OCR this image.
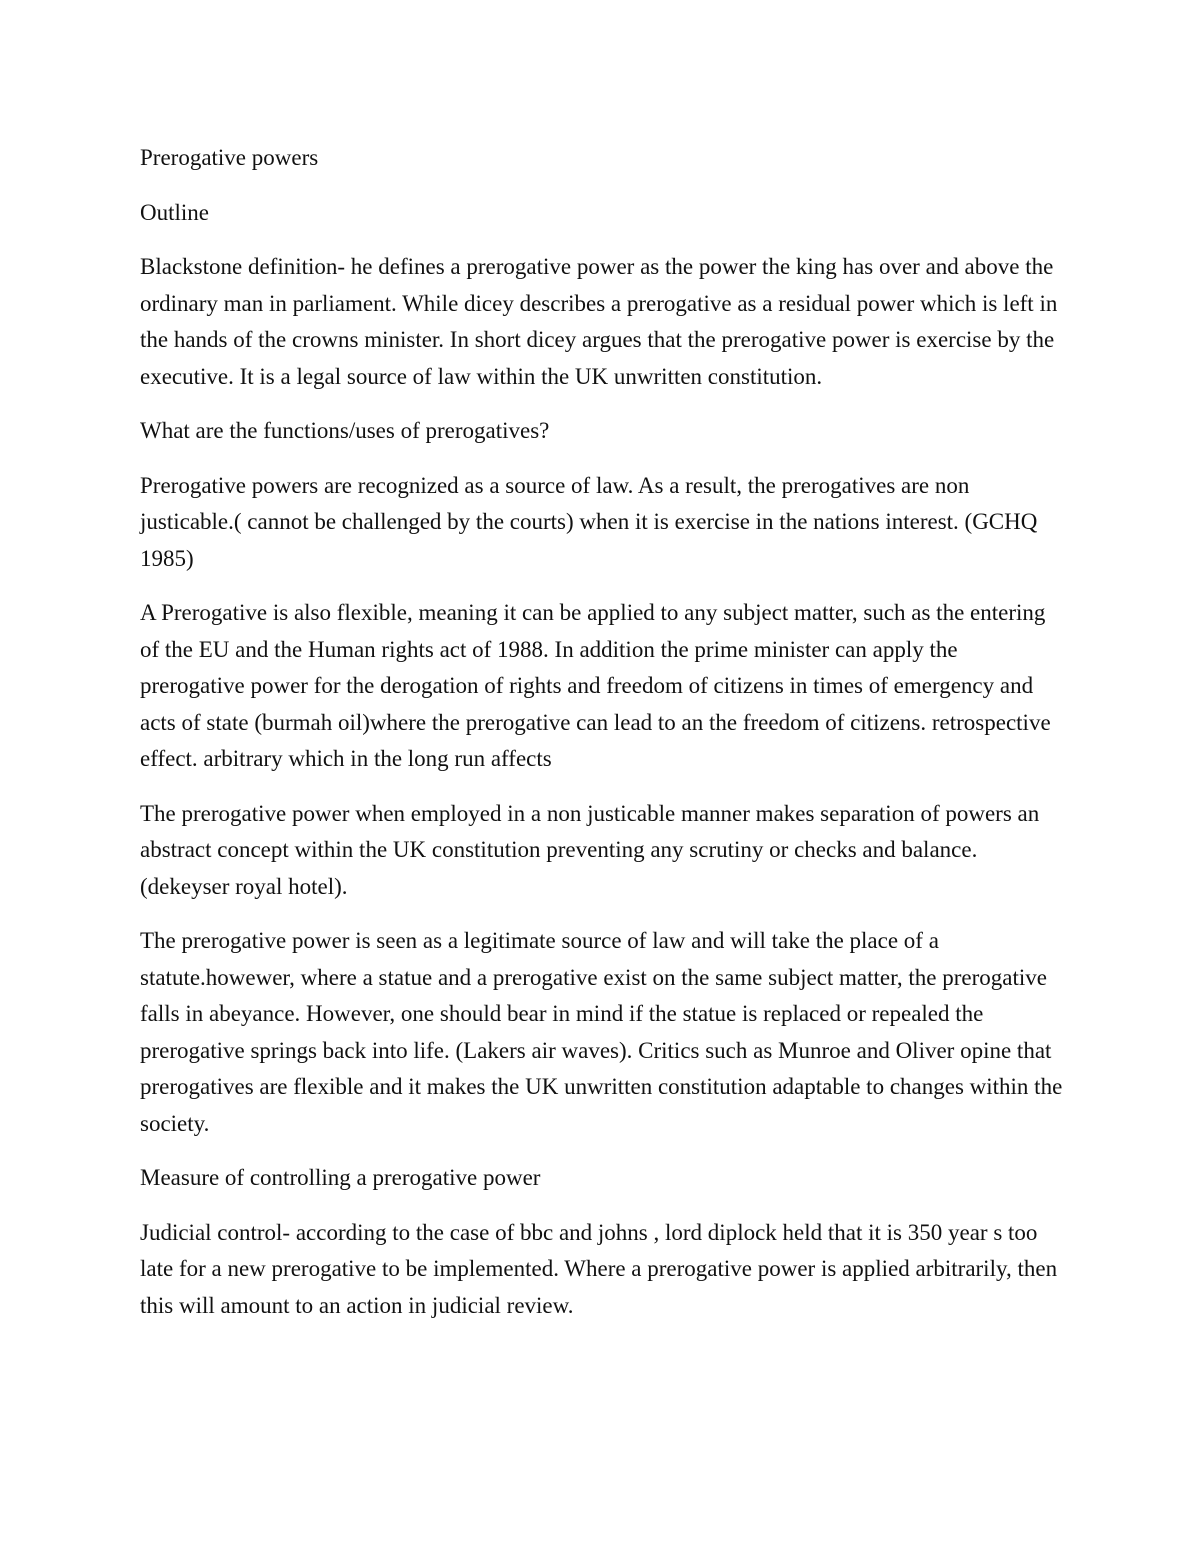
Prerogative powers

Outline

Blackstone definition- he defines a prerogative power as the power the king has over and above the ordinary man in parliament. While dicey describes a prerogative as a residual power which is left in the hands of the crowns minister. In short dicey argues that the prerogative power is exercise by the executive. It is a legal source of law within the UK unwritten constitution.

What are the functions/uses of prerogatives?

Prerogative powers are recognized as a source of law. As a result, the prerogatives are non justicable.( cannot be challenged by the courts) when it is exercise in the nations interest. (GCHQ 1985)

A Prerogative is also flexible, meaning it can be applied to any subject matter, such as the entering of the EU and the Human rights act of 1988. In addition the prime minister can apply the prerogative power for the derogation of rights and freedom of citizens in times of emergency and acts of state (burmah oil)where the prerogative can lead to an the freedom of citizens. retrospective effect. arbitrary which in the long run affects

The prerogative power when employed in a non justicable manner makes separation of powers an abstract concept within the UK constitution preventing any scrutiny or checks and balance. (dekeyser royal hotel).

The prerogative power is seen as a legitimate source of law and will take the place of a statute.howewer, where a statue and a prerogative exist on the same subject matter, the prerogative falls in abeyance. However, one should bear in mind if the statue is replaced or repealed the prerogative springs back into life. (Lakers air waves). Critics such as Munroe and Oliver opine that prerogatives are flexible and it makes the UK unwritten constitution adaptable to changes within the society.

Measure of controlling a prerogative power

Judicial control- according to the case of bbc and johns , lord diplock held that it is 350 year s too late for a new prerogative to be implemented. Where a prerogative power is applied arbitrarily, then this will amount to an action in judicial review.
